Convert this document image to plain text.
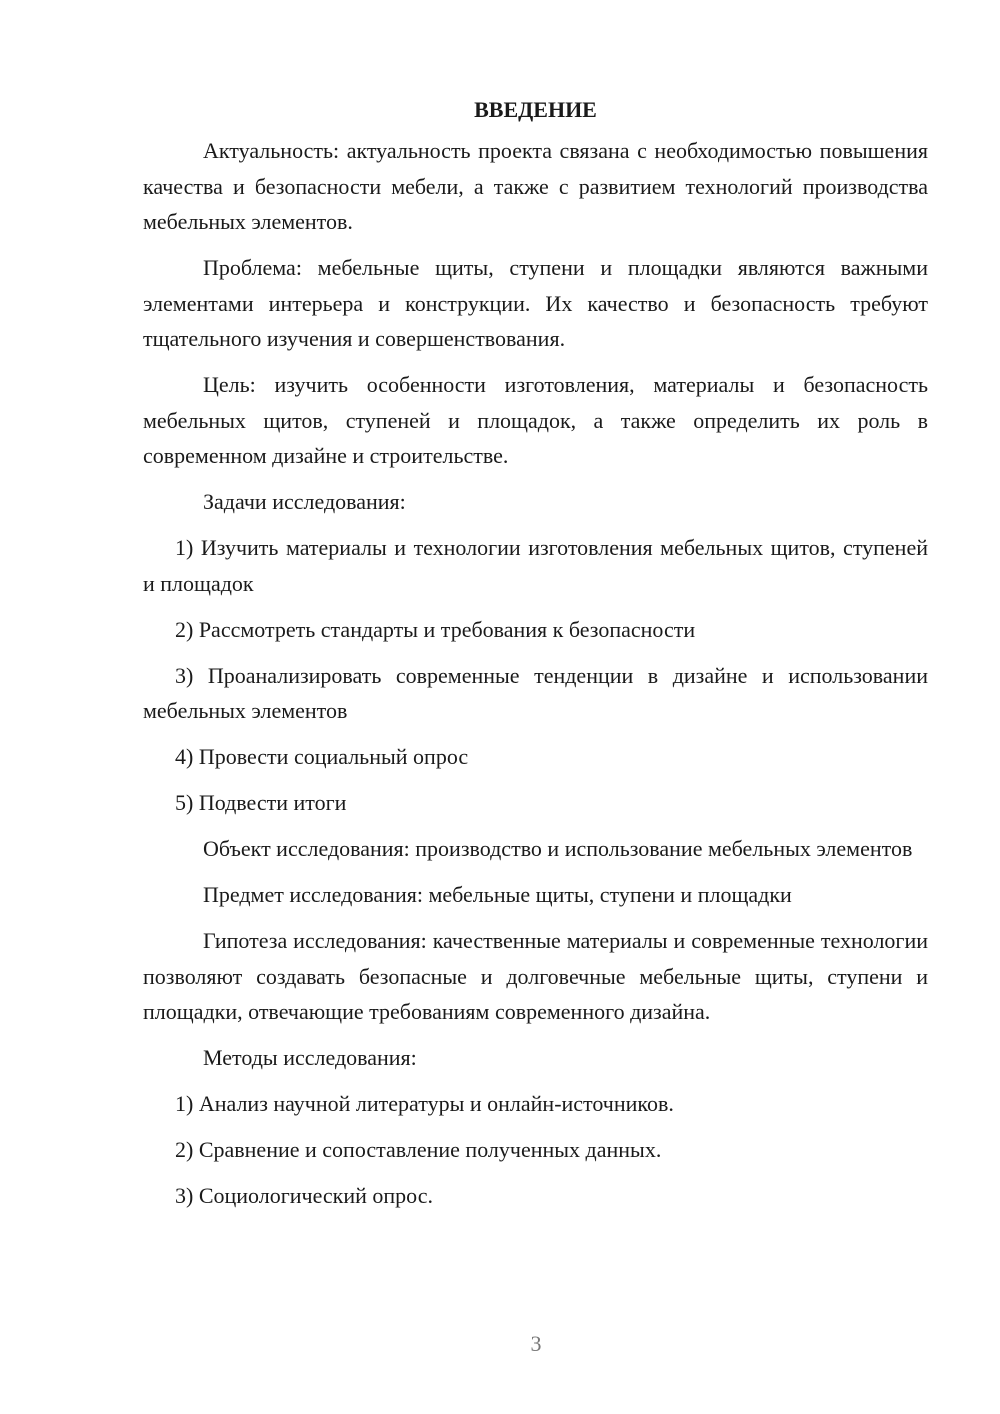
ВВЕДЕНИЕ

Актуальность: актуальность проекта связана с необходимостью повышения качества и безопасности мебели, а также с развитием технологий производства мебельных элементов.

Проблема: мебельные щиты, ступени и площадки являются важными элементами интерьера и конструкции. Их качество и безопасность требуют тщательного изучения и совершенствования.

Цель: изучить особенности изготовления, материалы и безопасность мебельных щитов, ступеней и площадок, а также определить их роль в современном дизайне и строительстве.

Задачи исследования:

1) Изучить материалы и технологии изготовления мебельных щитов, ступеней и площадок

2) Рассмотреть стандарты и требования к безопасности

3) Проанализировать современные тенденции в дизайне и использовании мебельных элементов

4) Провести социальный опрос

5) Подвести итоги

Объект исследования: производство и использование мебельных элементов

Предмет исследования: мебельные щиты, ступени и площадки

Гипотеза исследования: качественные материалы и современные технологии позволяют создавать безопасные и долговечные мебельные щиты, ступени и площадки, отвечающие требованиям современного дизайна.

Методы исследования:

1) Анализ научной литературы и онлайн-источников.

2) Сравнение и сопоставление полученных данных.

3) Социологический опрос.

3
